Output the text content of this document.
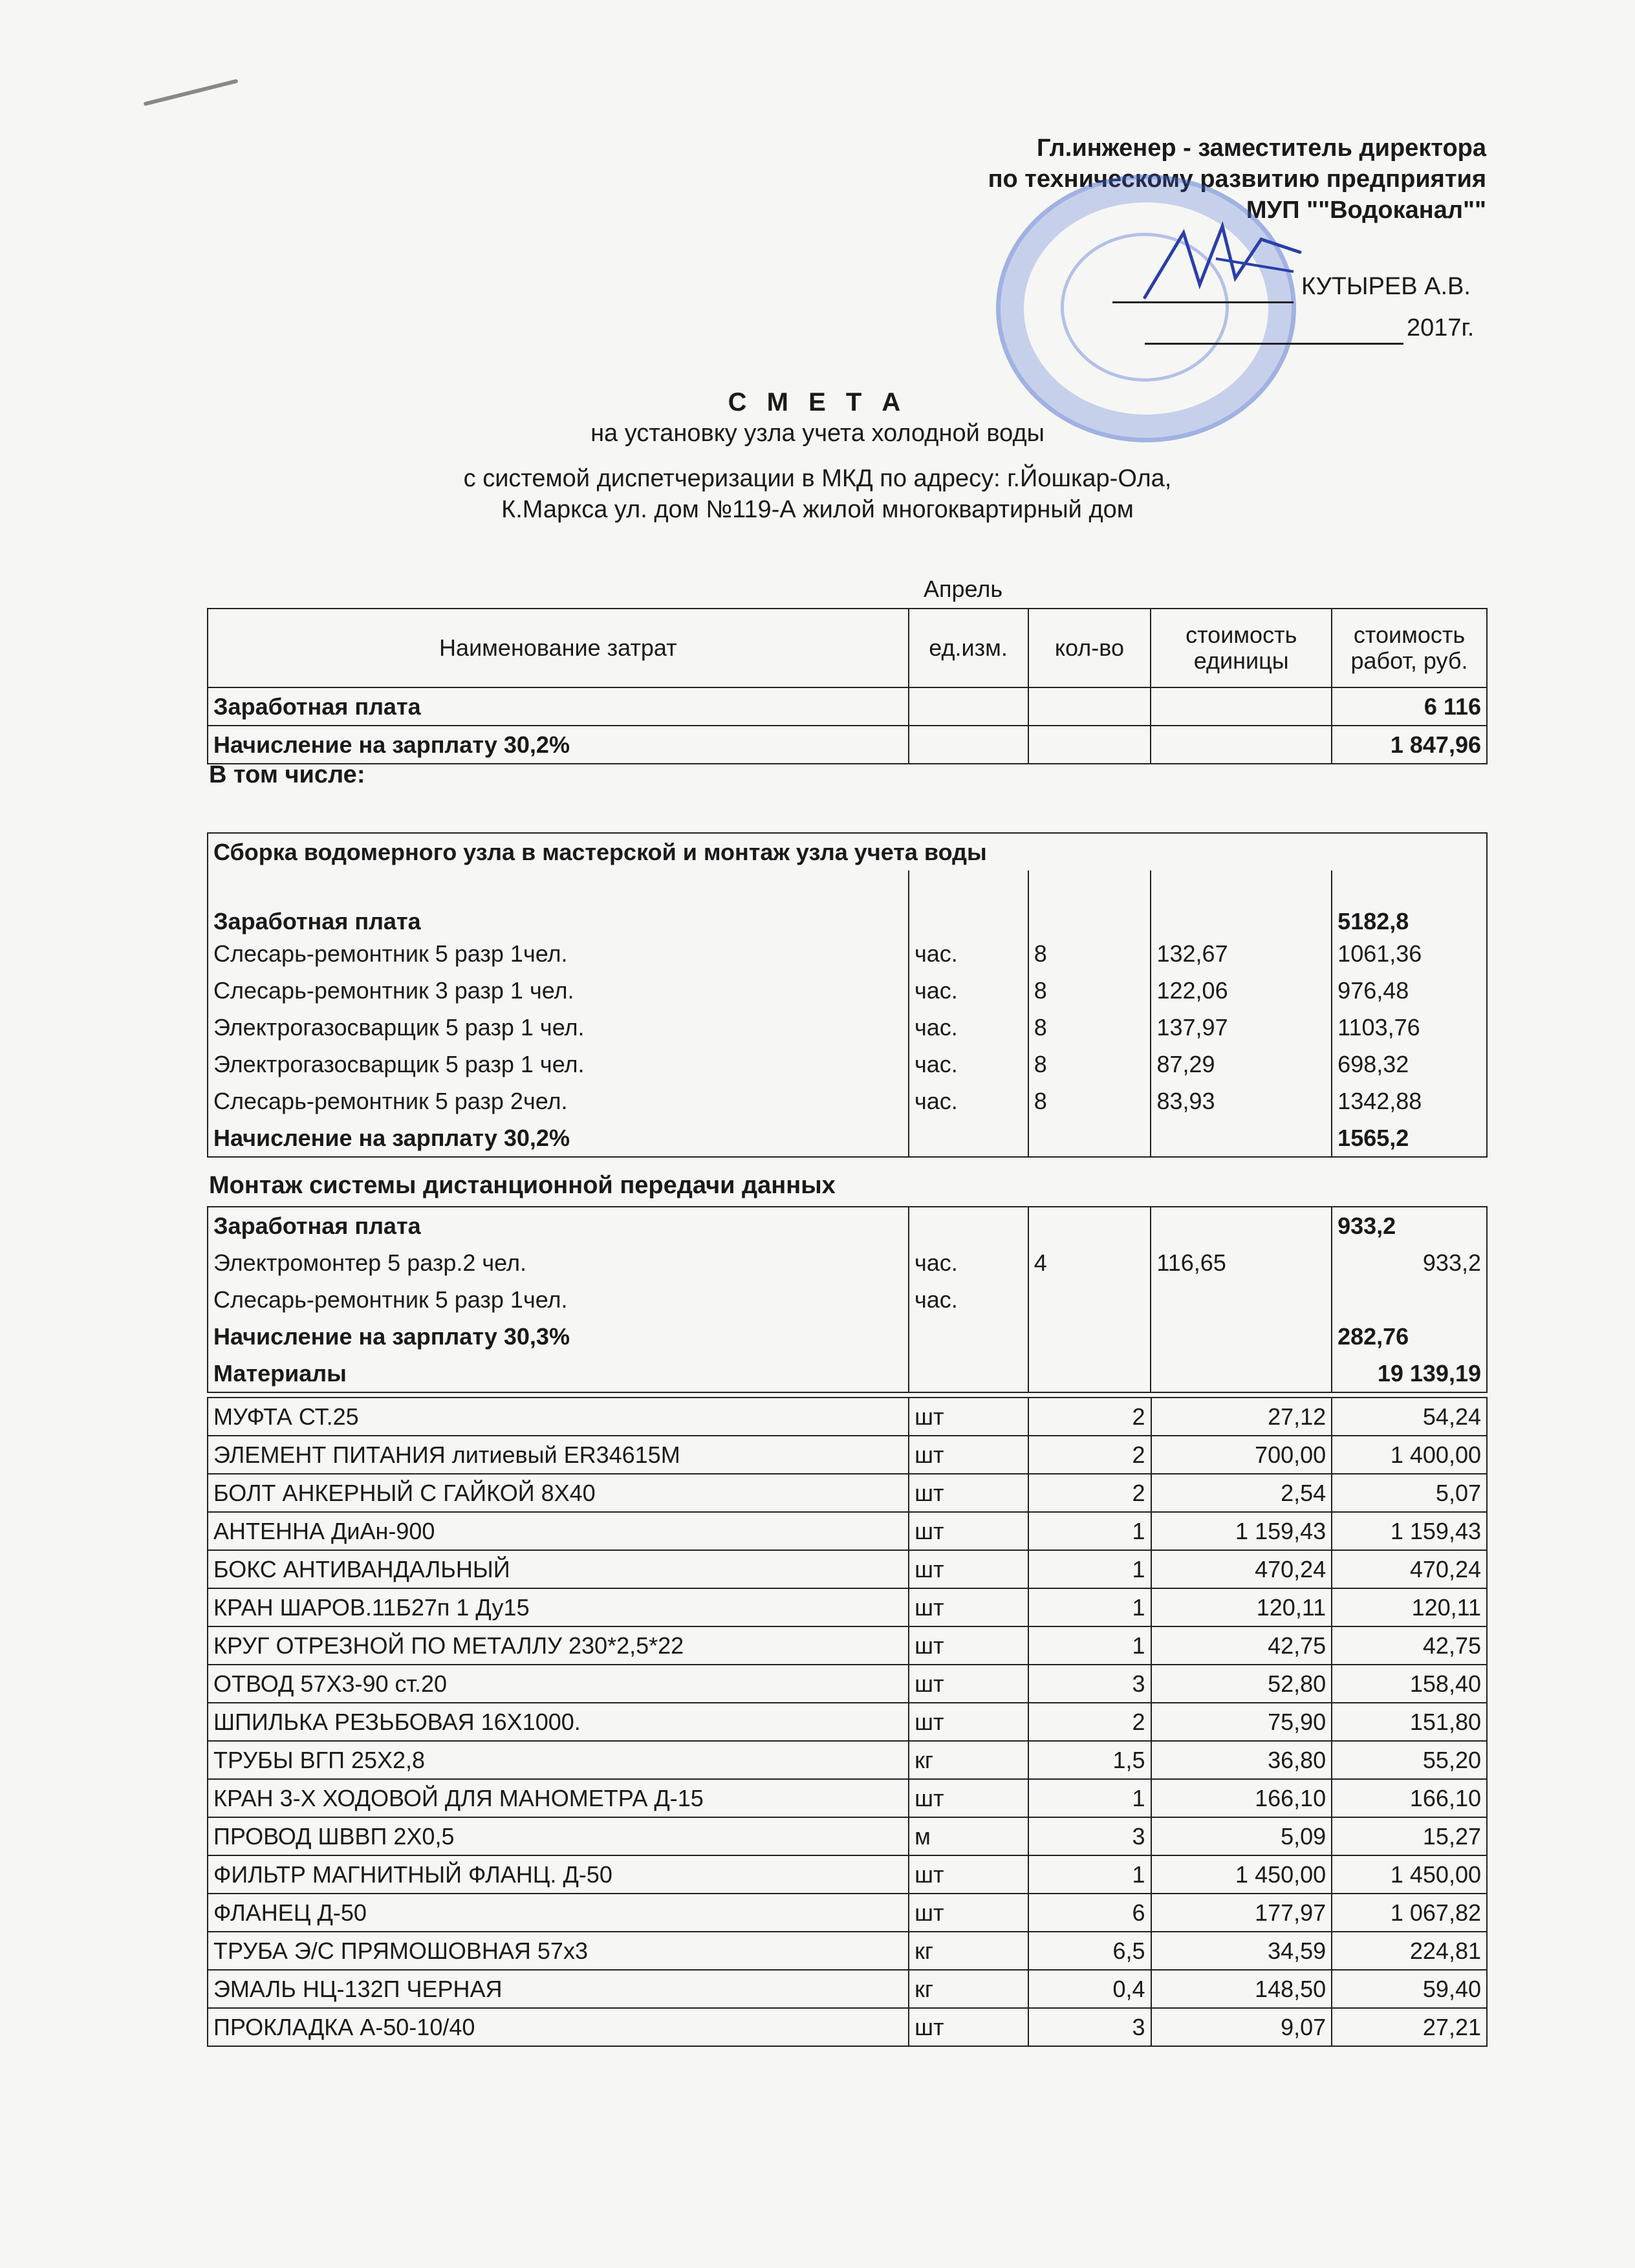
Гл.инженер - заместитель директора
по техническому развитию предприятия
МУП ""Водоканал""
КУТЫРЕВ А.В.
2017г.
С М Е Т А
на установку узла учета холодной воды
с системой диспетчеризации в МКД по адресу: г.Йошкар-Ола,
К.Маркса ул. дом №119-А жилой многоквартирный дом
Апрель
Наименование затрат	ед.изм.	кол-во	стоимость единицы	стоимость работ, руб.
Заработная плата				6 116
Начисление на зарплату 30,2%				1 847,96
В том числе:
Сборка водомерного узла в мастерской и монтаж узла учета воды				
Заработная плата				5182,8
Слесарь-ремонтник 5 разр 1чел.	час.	8	132,67	1061,36
Слесарь-ремонтник 3 разр 1 чел.	час.	8	122,06	976,48
Электрогазосварщик 5 разр 1 чел.	час.	8	137,97	1103,76
Электрогазосварщик 5 разр 1 чел.	час.	8	87,29	698,32
Слесарь-ремонтник 5 разр 2чел.	час.	8	83,93	1342,88
Начисление на зарплату 30,2%				1565,2
Монтаж системы дистанционной передачи данных
Заработная плата				933,2
Электромонтер 5 разр.2 чел.	час.	4	116,65	933,2
Слесарь-ремонтник 5 разр 1чел.	час.			
Начисление на зарплату 30,3%				282,76
Материалы				19 139,19
МУФТА СТ.25	шт	2	27,12	54,24
ЭЛЕМЕНТ ПИТАНИЯ литиевый ER34615M	шт	2	700,00	1 400,00
БОЛТ АНКЕРНЫЙ С ГАЙКОЙ 8Х40	шт	2	2,54	5,07
АНТЕННА ДиАн-900	шт	1	1 159,43	1 159,43
БОКС АНТИВАНДАЛЬНЫЙ	шт	1	470,24	470,24
КРАН ШАРОВ.11Б27п 1 Ду15	шт	1	120,11	120,11
КРУГ ОТРЕЗНОЙ ПО МЕТАЛЛУ 230*2,5*22	шт	1	42,75	42,75
ОТВОД 57Х3-90 ст.20	шт	3	52,80	158,40
ШПИЛЬКА РЕЗЬБОВАЯ 16Х1000.	шт	2	75,90	151,80
ТРУБЫ ВГП 25Х2,8	кг	1,5	36,80	55,20
КРАН 3-Х ХОДОВОЙ ДЛЯ МАНОМЕТРА Д-15	шт	1	166,10	166,10
ПРОВОД ШВВП 2Х0,5	м	3	5,09	15,27
ФИЛЬТР МАГНИТНЫЙ ФЛАНЦ. Д-50	шт	1	1 450,00	1 450,00
ФЛАНЕЦ Д-50	шт	6	177,97	1 067,82
ТРУБА Э/С ПРЯМОШОВНАЯ 57х3	кг	6,5	34,59	224,81
ЭМАЛЬ НЦ-132П ЧЕРНАЯ	кг	0,4	148,50	59,40
ПРОКЛАДКА А-50-10/40	шт	3	9,07	27,21
